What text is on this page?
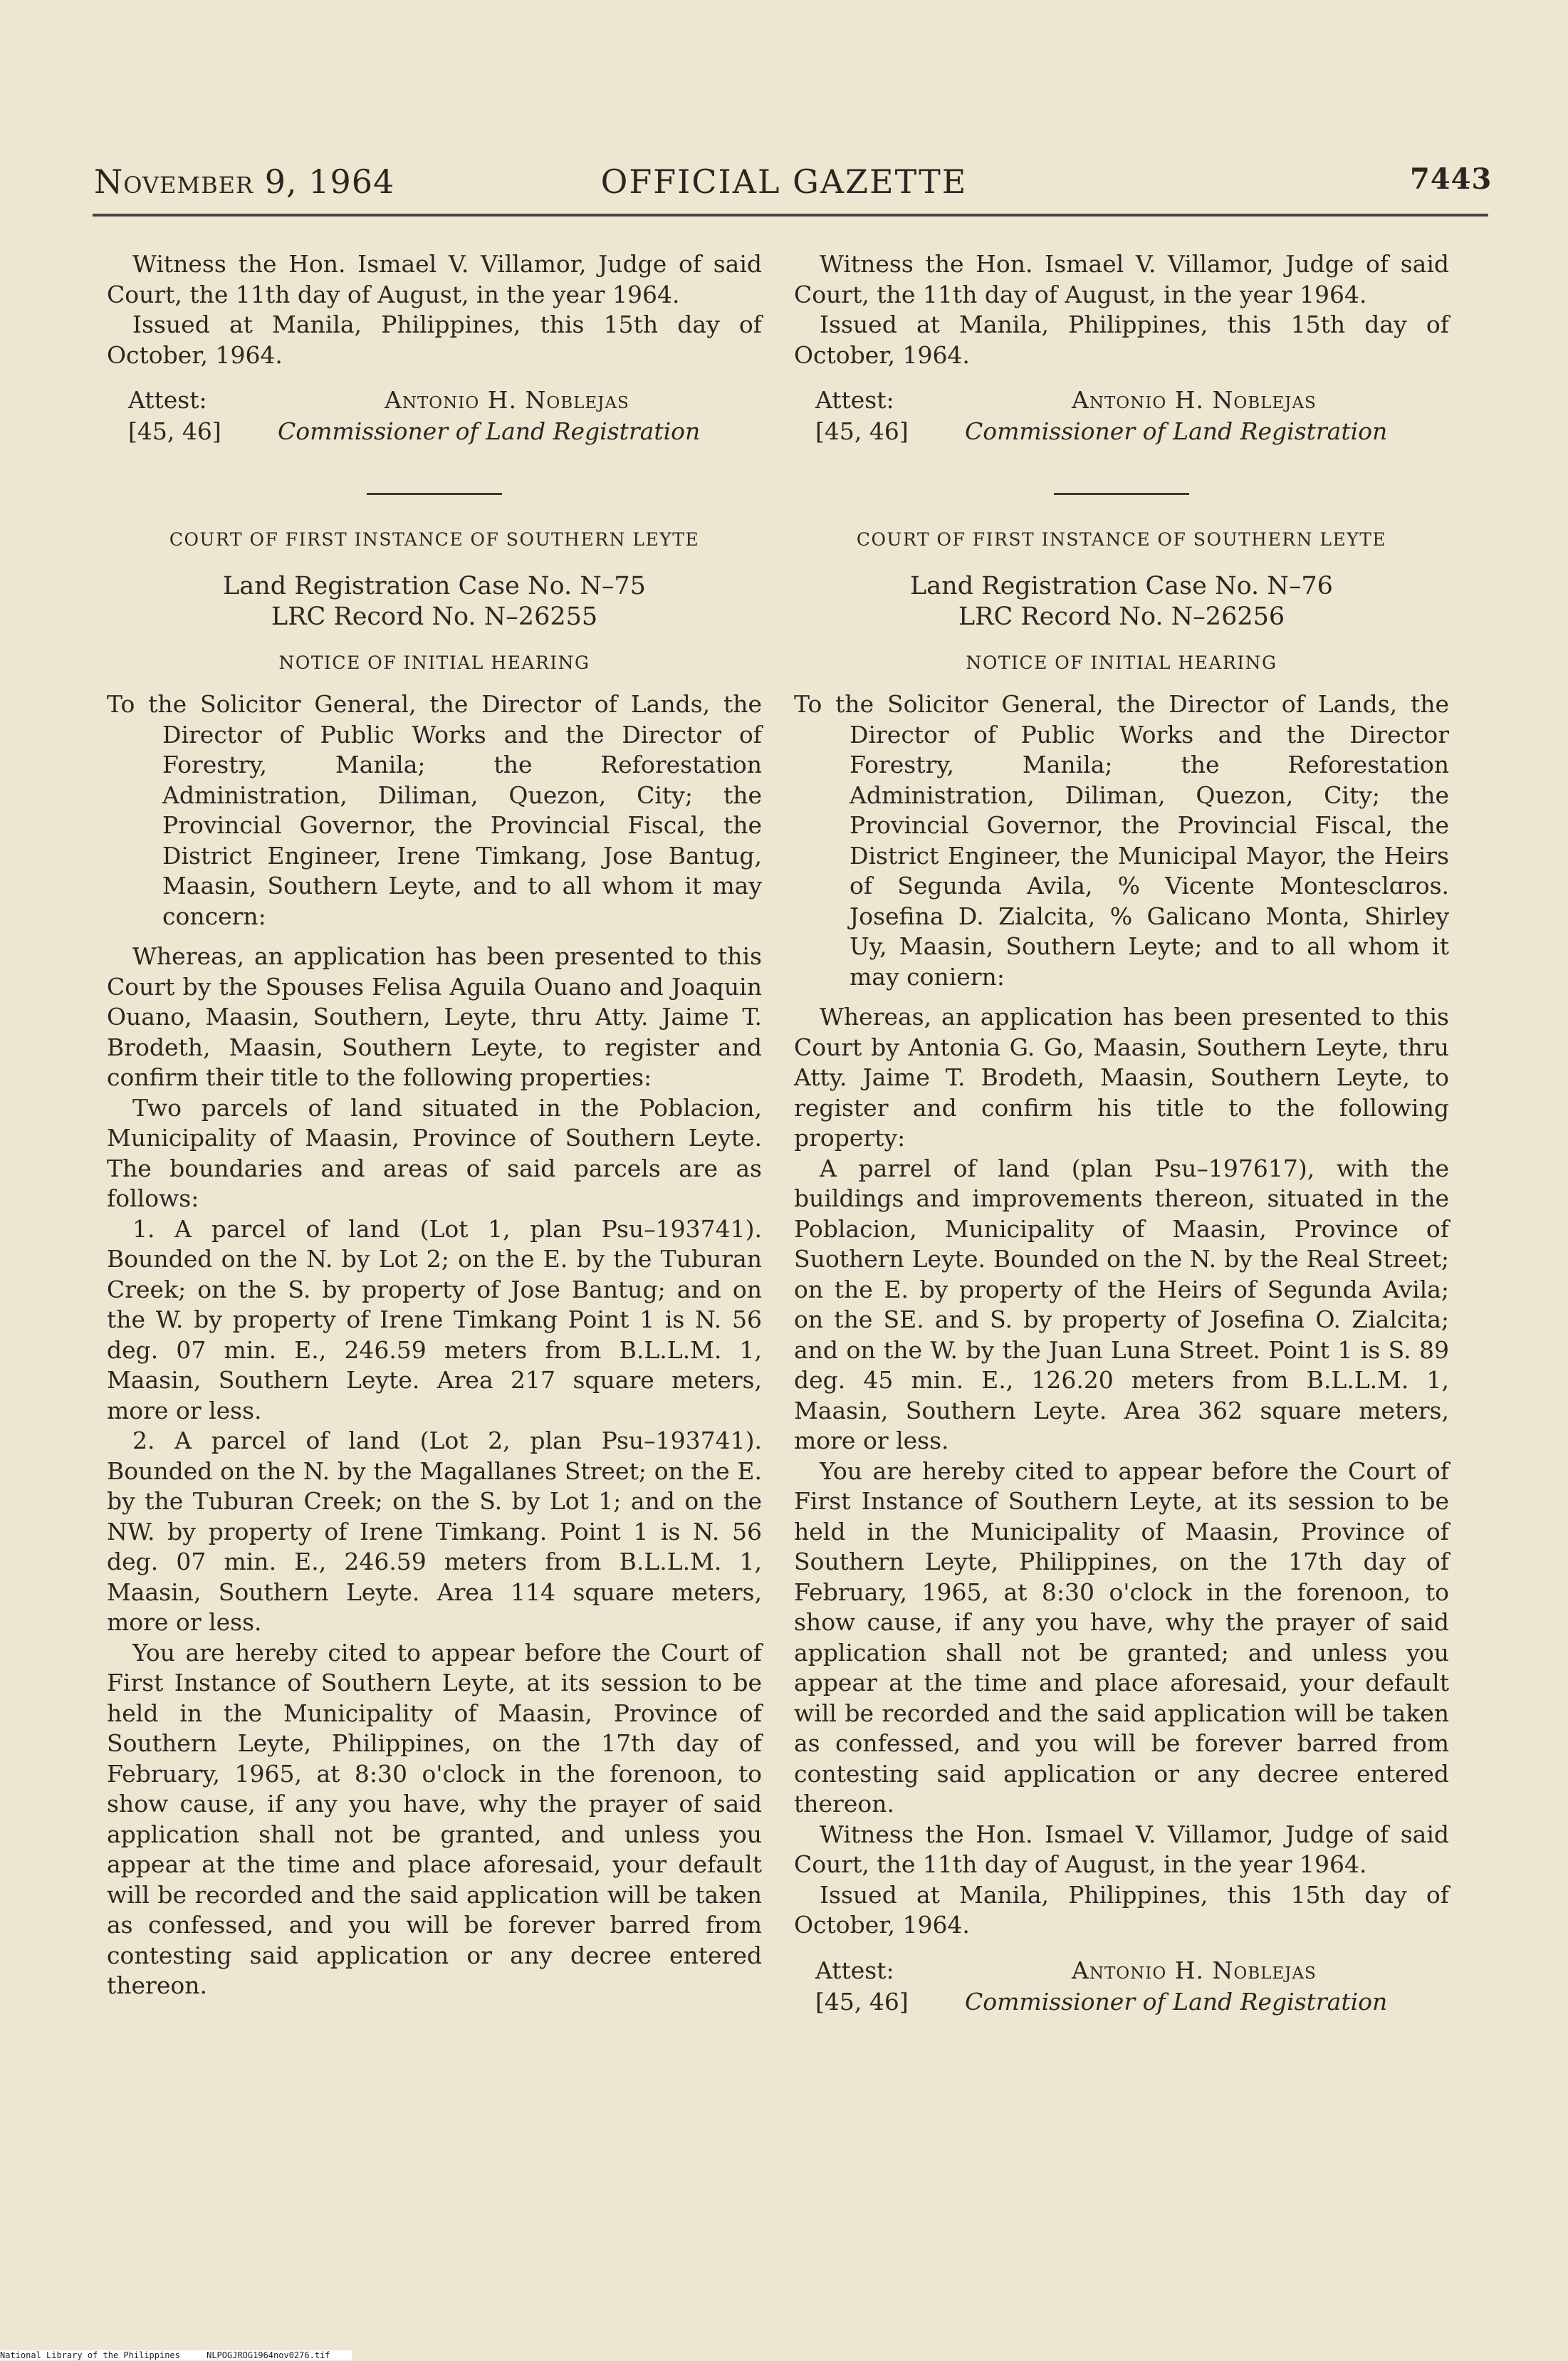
November 9, 1964	OFFICIAL GAZETTE	7443

Witness the Hon. Ismael V. Villamor, Judge of said Court, the 11th day of August, in the year 1964.

Issued at Manila, Philippines, this 15th day of October, 1964.

Attest:
[45, 46]
Antonio H. Noblejas
Commissioner of Land Registration

COURT OF FIRST INSTANCE OF SOUTHERN LEYTE

Land Registration Case No. N–75

LRC Record No. N–26255

NOTICE OF INITIAL HEARING

To the Solicitor General, the Director of Lands, the Director of Public Works and the Director of Forestry, Manila; the Reforestation Administration, Diliman, Quezon, City; the Provincial Governor, the Provincial Fiscal, the District Engineer, Irene Timkang, Jose Bantug, Maasin, Southern Leyte, and to all whom it may concern:

Whereas, an application has been presented to this Court by the Spouses Felisa Aguila Ouano and Joaquin Ouano, Maasin, Southern, Leyte, thru Atty. Jaime T. Brodeth, Maasin, Southern Leyte, to register and confirm their title to the following properties:

Two parcels of land situated in the Poblacion, Municipality of Maasin, Province of Southern Leyte. The boundaries and areas of said parcels are as follows:

1. A parcel of land (Lot 1, plan Psu–193741). Bounded on the N. by Lot 2; on the E. by the Tuburan Creek; on the S. by property of Jose Bantug; and on the W. by property of Irene Timkang Point 1 is N. 56 deg. 07 min. E., 246.59 meters from B.L.L.M. 1, Maasin, Southern Leyte. Area 217 square meters, more or less.

2. A parcel of land (Lot 2, plan Psu–193741). Bounded on the N. by the Magallanes Street; on the E. by the Tuburan Creek; on the S. by Lot 1; and on the NW. by property of Irene Timkang. Point 1 is N. 56 deg. 07 min. E., 246.59 meters from B.L.L.M. 1, Maasin, Southern Leyte. Area 114 square meters, more or less.

You are hereby cited to appear before the Court of First Instance of Southern Leyte, at its session to be held in the Municipality of Maasin, Province of Southern Leyte, Philippines, on the 17th day of February, 1965, at 8:30 o'clock in the forenoon, to show cause, if any you have, why the prayer of said application shall not be granted, and unless you appear at the time and place aforesaid, your default will be recorded and the said application will be taken as confessed, and you will be forever barred from contesting said application or any decree entered thereon.

Witness the Hon. Ismael V. Villamor, Judge of said Court, the 11th day of August, in the year 1964.

Issued at Manila, Philippines, this 15th day of October, 1964.

Attest:
[45, 46]
Antonio H. Noblejas
Commissioner of Land Registration

COURT OF FIRST INSTANCE OF SOUTHERN LEYTE

Land Registration Case No. N–76

LRC Record No. N–26256

NOTICE OF INITIAL HEARING

To the Solicitor General, the Director of Lands, the Director of Public Works and the Director Forestry, Manila; the Reforestation Administration, Diliman, Quezon, City; the Provincial Governor, the Provincial Fiscal, the District Engineer, the Municipal Mayor, the Heirs of Segunda Avila, % Vicente Montesclɑros. Josefina D. Zialcita, % Galicano Monta, Shirley Uy, Maasin, Southern Leyte; and to all whom it may coniern:

Whereas, an application has been presented to this Court by Antonia G. Go, Maasin, Southern Leyte, thru Atty. Jaime T. Brodeth, Maasin, Southern Leyte, to register and confirm his title to the following property:

A parrel of land (plan Psu–197617), with the buildings and improvements thereon, situated in the Poblacion, Municipality of Maasin, Province of Suothern Leyte. Bounded on the N. by the Real Street; on the E. by property of the Heirs of Segunda Avila; on the SE. and S. by property of Josefina O. Zialcita; and on the W. by the Juan Luna Street. Point 1 is S. 89 deg. 45 min. E., 126.20 meters from B.L.L.M. 1, Maasin, Southern Leyte. Area 362 square meters, more or less.

You are hereby cited to appear before the Court of First Instance of Southern Leyte, at its session to be held in the Municipality of Maasin, Province of Southern Leyte, Philippines, on the 17th day of February, 1965, at 8:30 o'clock in the forenoon, to show cause, if any you have, why the prayer of said application shall not be granted; and unless you appear at the time and place aforesaid, your default will be recorded and the said application will be taken as confessed, and you will be forever barred from contesting said application or any decree entered thereon.

Witness the Hon. Ismael V. Villamor, Judge of said Court, the 11th day of August, in the year 1964.

Issued at Manila, Philippines, this 15th day of October, 1964.

Attest:
[45, 46]
Antonio H. Noblejas
Commissioner of Land Registration
National Library of the Philippines	NLPOGJROG1964nov0276.tif
